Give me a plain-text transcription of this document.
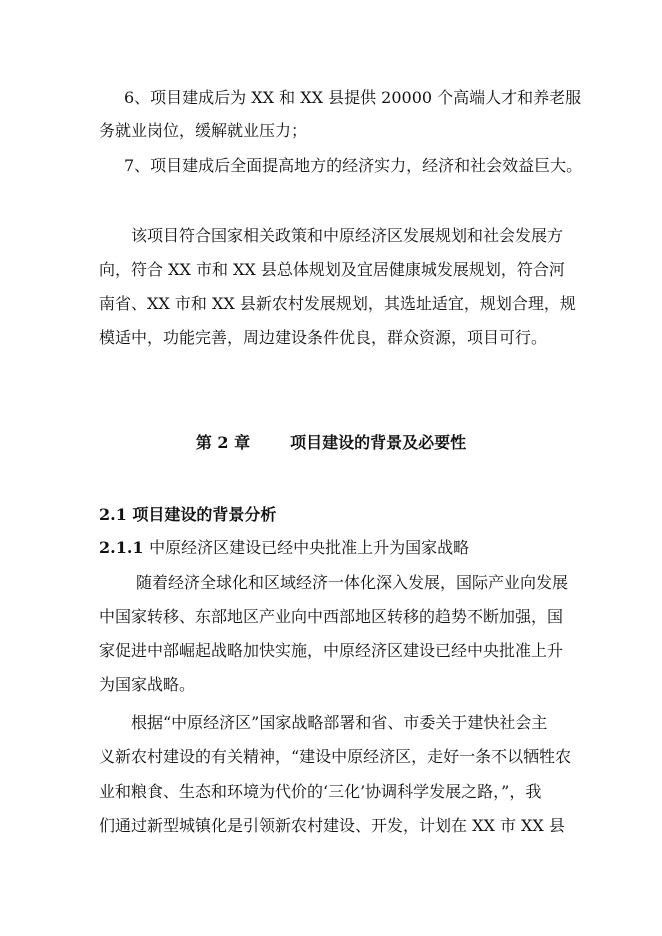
6、项目建成后为 XX 和 XX 县提供 20000 个高端人才和养老服
务就业岗位，缓解就业压力；
7、项目建成后全面提高地方的经济实力，经济和社会效益巨大。
该项目符合国家相关政策和中原经济区发展规划和社会发展方
向，符合 XX 市和 XX 县总体规划及宜居健康城发展规划，符合河
南省、XX 市和 XX 县新农村发展规划，其选址适宜，规划合理，规
模适中，功能完善，周边建设条件优良，群众资源，项目可行。
第 2 章	项目建设的背景及必要性
2.1 项目建设的背景分析
2.1.1 中原经济区建设已经中央批准上升为国家战略
随着经济全球化和区域经济一体化深入发展，国际产业向发展
中国家转移、东部地区产业向中西部地区转移的趋势不断加强，国
家促进中部崛起战略加快实施，中原经济区建设已经中央批准上升
为国家战略。
根据“中原经济区”国家战略部署和省、市委关于建快社会主
义新农村建设的有关精神，“建设中原经济区，走好一条不以牺牲农
业和粮食、生态和环境为代价的‘三化’协调科学发展之路，”，我
们通过新型城镇化是引领新农村建设、开发，计划在 XX 市 XX 县
